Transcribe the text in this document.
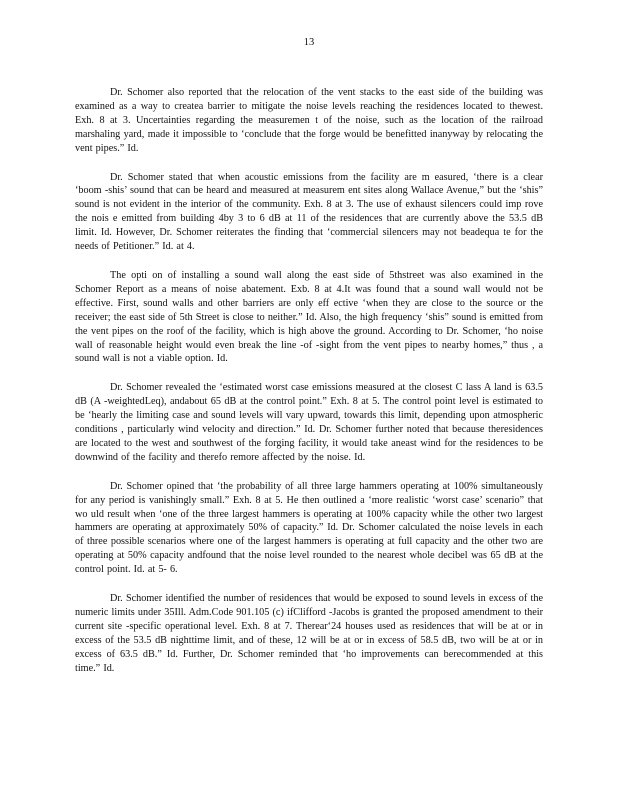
13

Dr. Schomer also reported that the relocation of the vent stacks to the east side of the building was examined as a way to createa barrier to mitigate the noise levels reaching the residences located to thewest. Exh. 8 at 3. Uncertainties regarding the measuremen t of the noise, such as the location of the railroad marshaling yard, made it impossible to ‘conclude that the forge would be benefitted inanyway by relocating the vent pipes.” Id.

Dr. Schomer stated that when acoustic emissions from the facility are m easured, ‘there is a clear ‘boom -shis’ sound that can be heard and measured at measurem ent sites along Wallace Avenue,” but the ‘shis” sound is not evident in the interior of the community. Exh. 8 at 3. The use of exhaust silencers could imp rove the nois e emitted from building 4by 3 to 6 dB at 11 of the residences that are currently above the 53.5 dB limit. Id. However, Dr. Schomer reiterates the finding that ‘commercial silencers may not beadequa te for the needs of Petitioner.” Id. at 4.

The opti on of installing a sound wall along the east side of 5thstreet was also examined in the Schomer Report as a means of noise abatement. Exb. 8 at 4.It was found that a sound wall would not be effective. First, sound walls and other barriers are only eff ective ‘when they are close to the source or the receiver; the east side of 5th Street is close to neither.” Id. Also, the high frequency ‘shis” sound is emitted from the vent pipes on the roof of the facility, which is high above the ground. According to Dr. Schomer, ‘ho noise wall of reasonable height would even break the line -of -sight from the vent pipes to nearby homes,” thus , a sound wall is not a viable option. Id.

Dr. Schomer revealed the ‘estimated worst case emissions measured at the closest C lass A land is 63.5 dB (A -weightedLeq), andabout 65 dB at the control point.” Exh. 8 at 5. The control point level is estimated to be ‘hearly the limiting case and sound levels will vary upward, towards this limit, depending upon atmospheric conditions , particularly wind velocity and direction.” Id. Dr. Schomer further noted that because theresidences are located to the west and southwest of the forging facility, it would take aneast wind for the residences to be downwind of the facility and therefo remore affected by the noise. Id.

Dr. Schomer opined that ‘the probability of all three large hammers operating at 100% simultaneously for any period is vanishingly small.” Exh. 8 at 5. He then outlined a ‘more realistic ‘worst case’ scenario” that wo uld result when ‘one of the three largest hammers is operating at 100% capacity while the other two largest hammers are operating at approximately 50% of capacity.” Id. Dr. Schomer calculated the noise levels in each of three possible scenarios where one of the largest hammers is operating at full capacity and the other two are operating at 50% capacity andfound that the noise level rounded to the nearest whole decibel was 65 dB at the control point. Id. at 5- 6.

Dr. Schomer identified the number of residences that would be exposed to sound levels in excess of the numeric limits under 35Ill. Adm.Code 901.105 (c) ifClifford -Jacobs is granted the proposed amendment to their current site -specific operational level. Exh. 8 at 7. Therear‘24 houses used as residences that will be at or in excess of the 53.5 dB nighttime limit, and of these, 12 will be at or in excess of 58.5 dB, two will be at or in excess of 63.5 dB.” Id. Further, Dr. Schomer reminded that ‘ho improvements can berecommended at this time.” Id.
